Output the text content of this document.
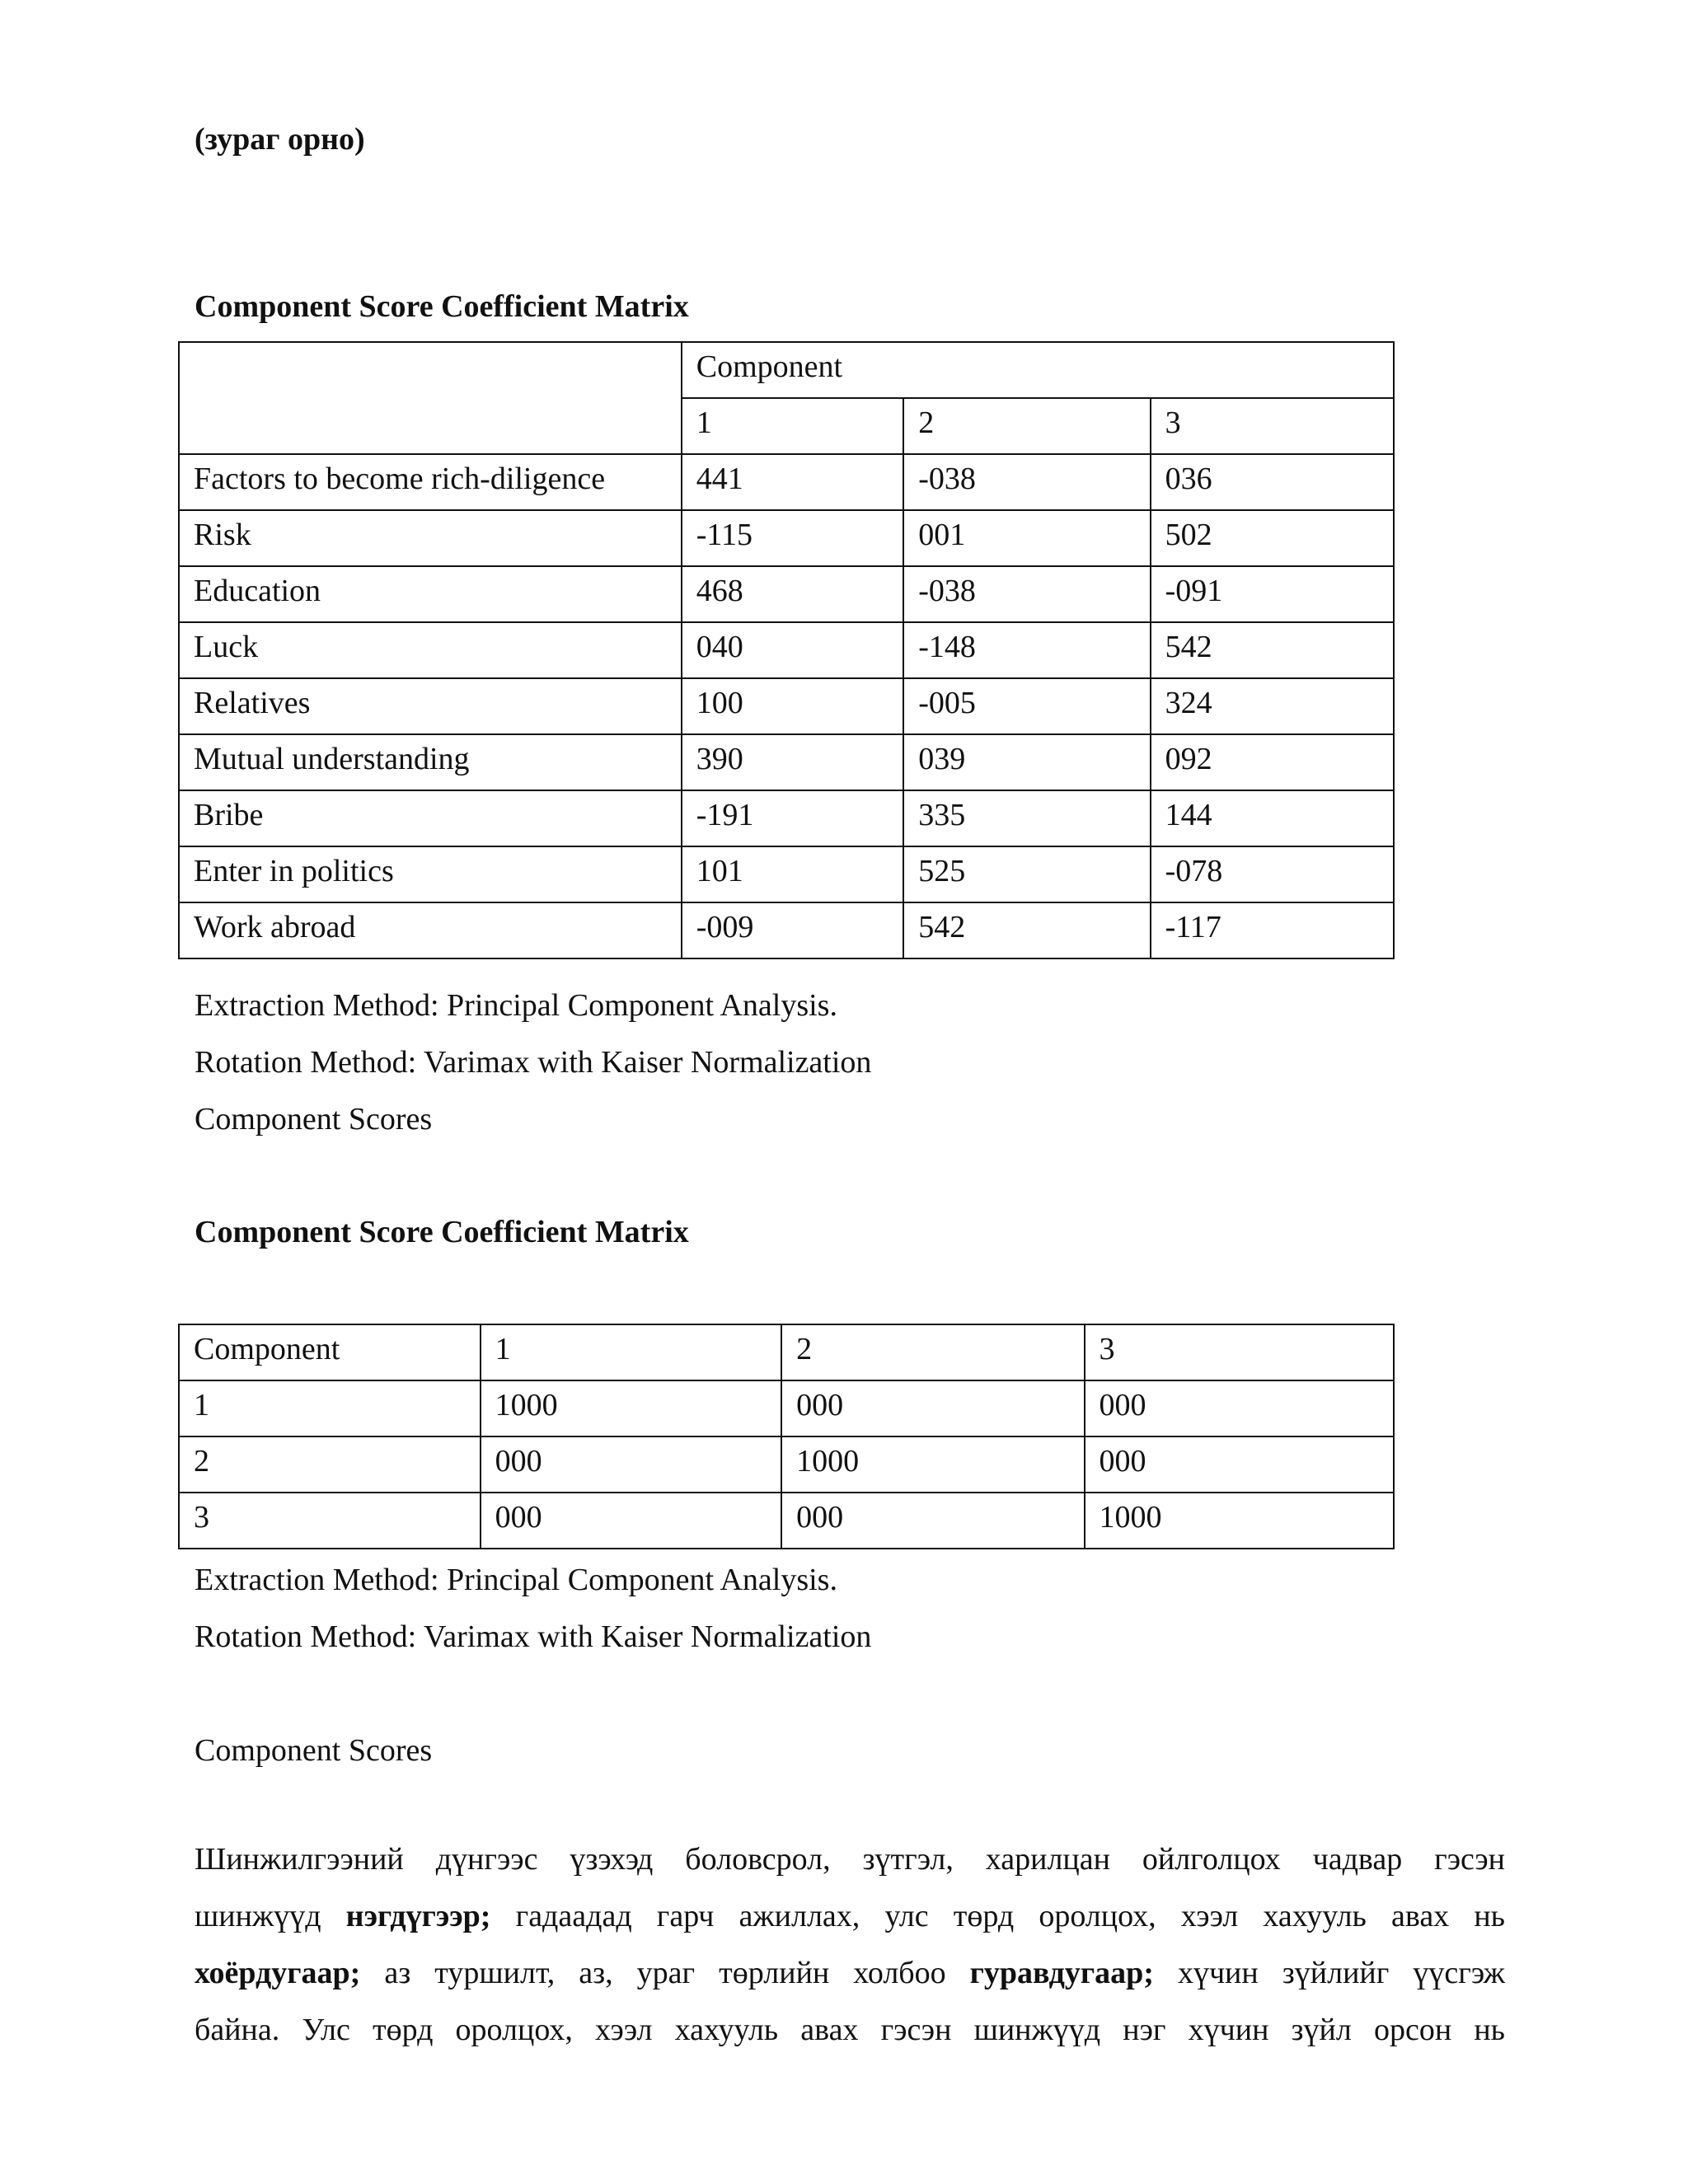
(зураг орно)
Component Score Coefficient Matrix
	Component		
	1	2	3
Factors to become rich-diligence	441	-038	036
Risk	-115	001	502
Education	468	-038	-091
Luck	040	-148	542
Relatives	100	-005	324
Mutual understanding	390	039	092
Bribe	-191	335	144
Enter in politics	101	525	-078
Work abroad	-009	542	-117
Extraction Method: Principal Component Analysis.
Rotation Method: Varimax with Kaiser Normalization
Component Scores
Component Score Coefficient Matrix
Component	1	2	3
1	1000	000	000
2	000	1000	000
3	000	000	1000
Extraction Method: Principal Component Analysis.
Rotation Method: Varimax with Kaiser Normalization
Component Scores
Шинжилгээний дүнгээс үзэхэд боловсрол, зүтгэл, харилцан ойлголцох чадвар гэсэн
шинжүүд нэгдүгээр; гадаадад гарч ажиллах, улс төрд оролцох, хээл хахууль авах нь
хоёрдугаар; аз туршилт, аз, ураг төрлийн холбоо гуравдугаар; хүчин зүйлийг үүсгэж
байна. Улс төрд оролцох, хээл хахууль авах гэсэн шинжүүд нэг хүчин зүйл орсон нь
